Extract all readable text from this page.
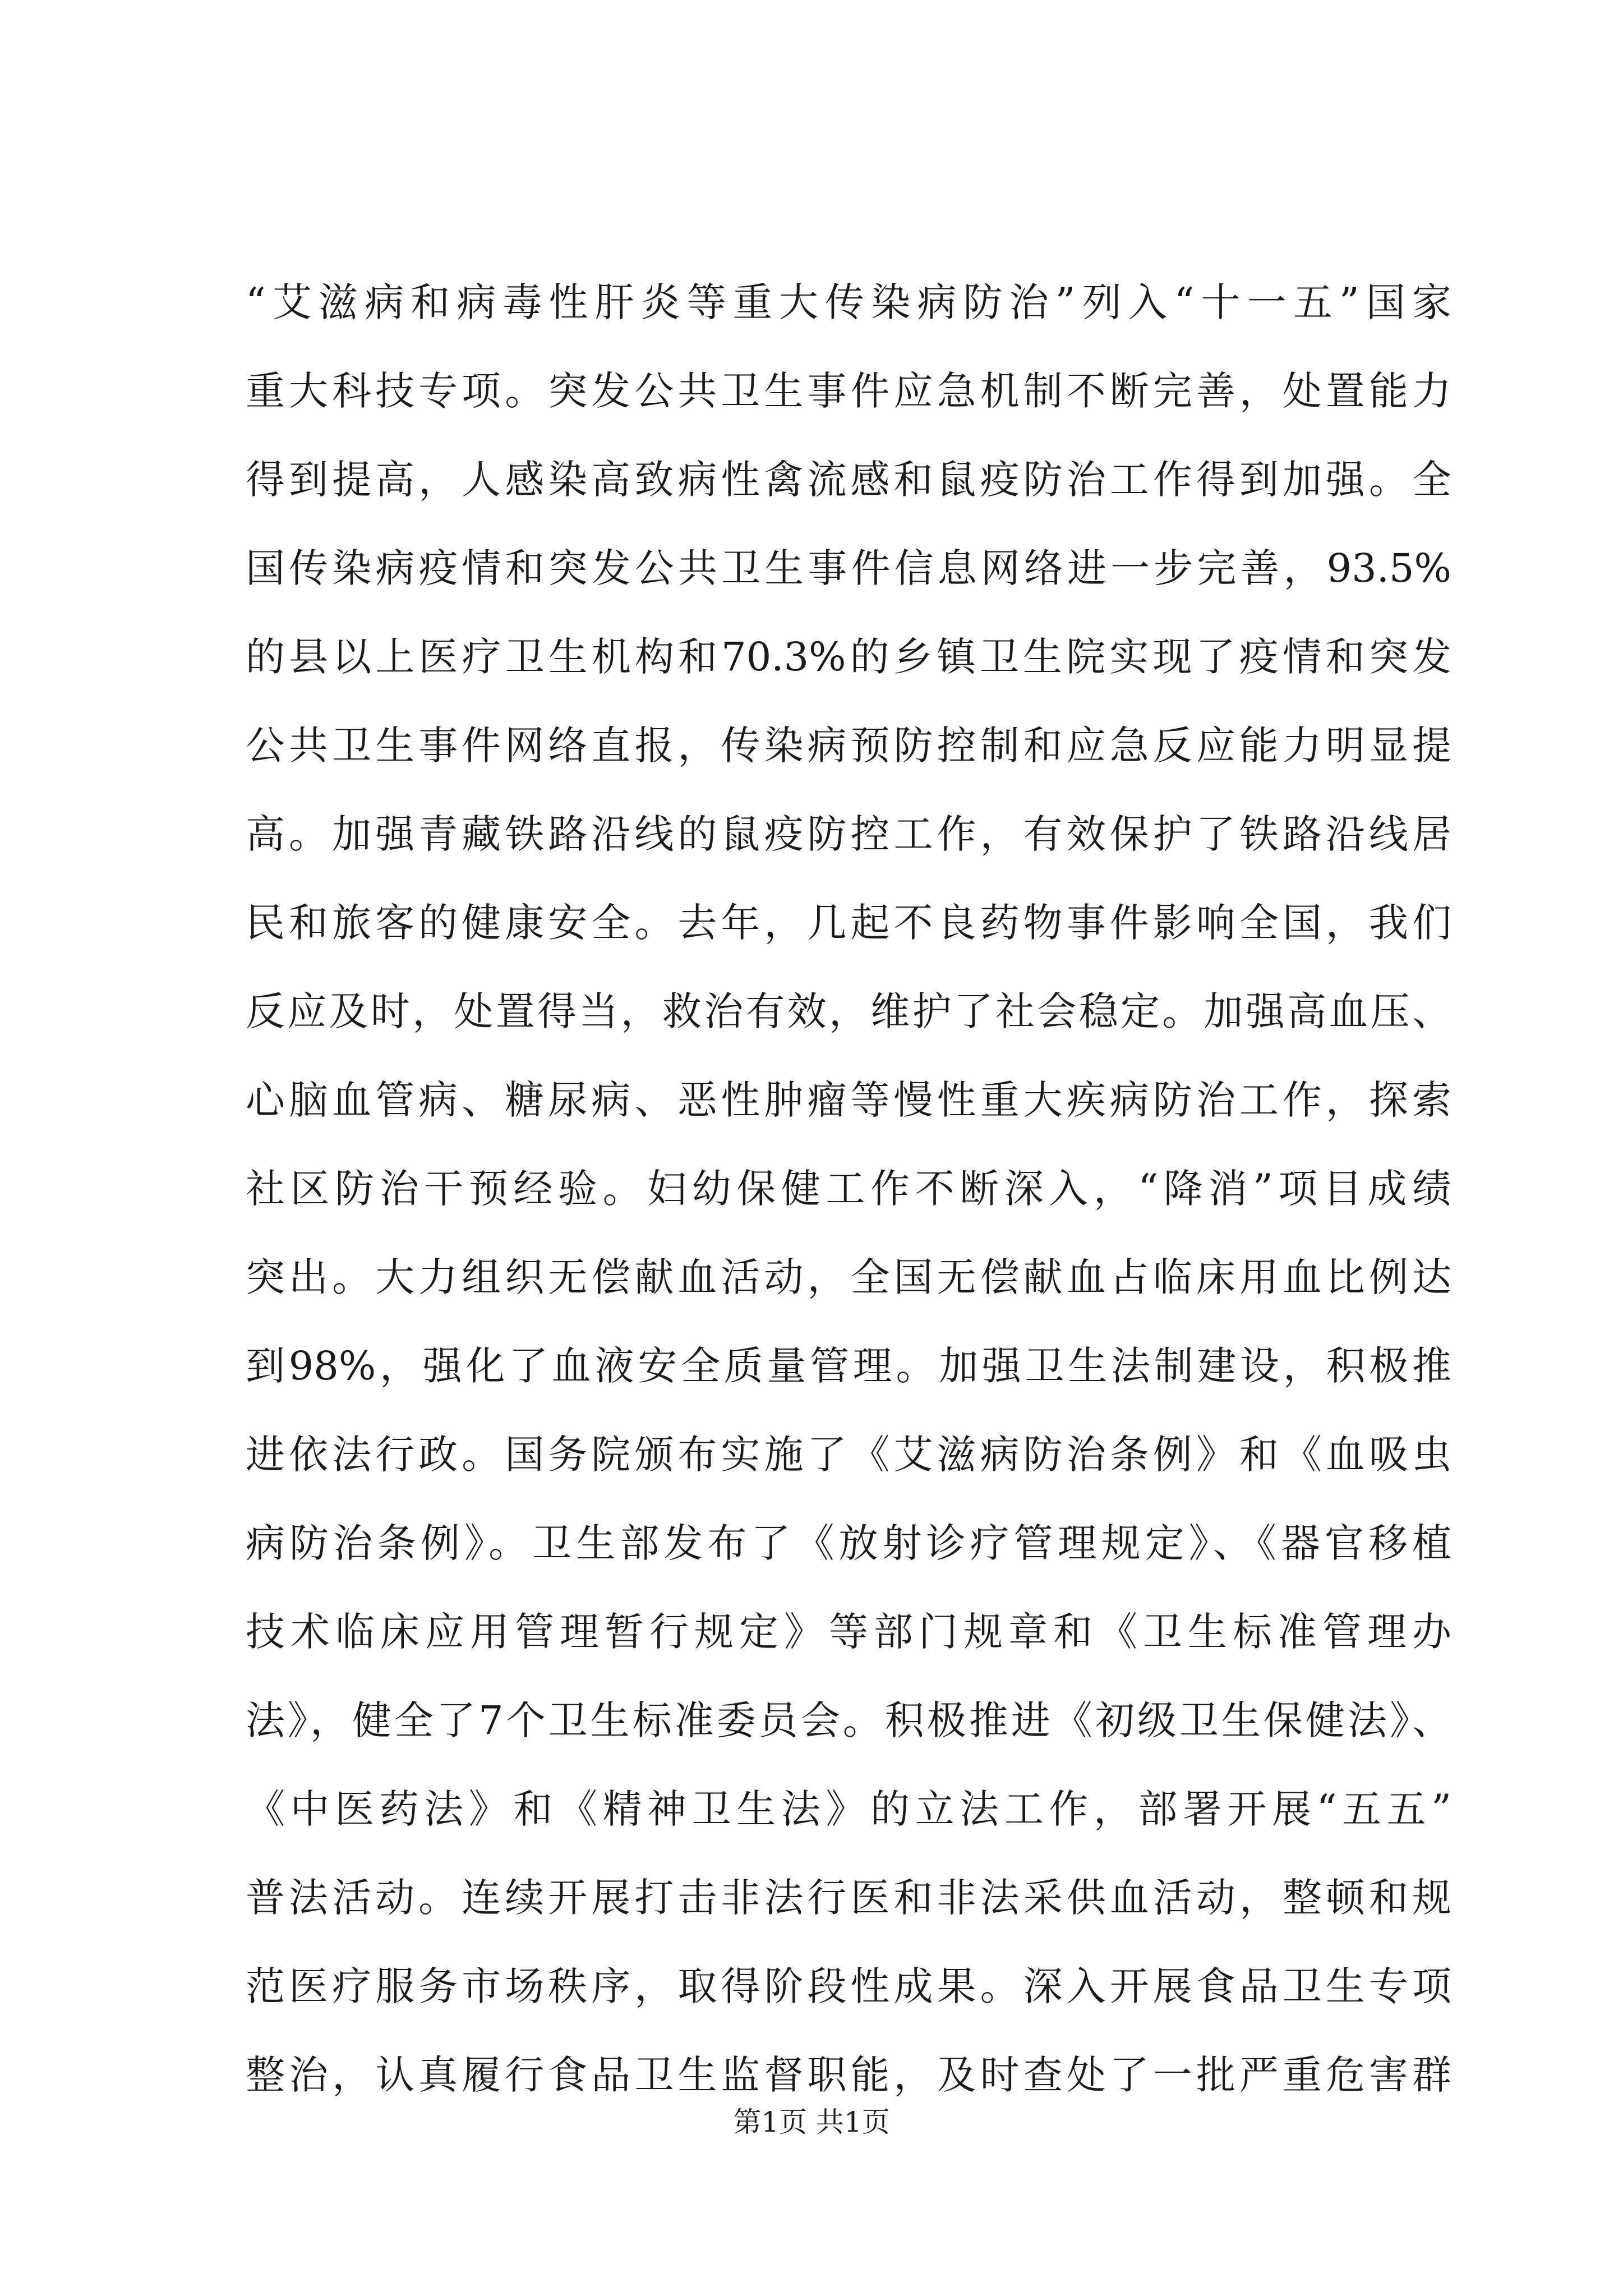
“艾滋病和病毒性肝炎等重大传染病防治”列入“十一五”国家
重大科技专项。突发公共卫生事件应急机制不断完善，处置能力
得到提高，人感染高致病性禽流感和鼠疫防治工作得到加强。全
国传染病疫情和突发公共卫生事件信息网络进一步完善，93.5%
的县以上医疗卫生机构和70.3%的乡镇卫生院实现了疫情和突发
公共卫生事件网络直报，传染病预防控制和应急反应能力明显提
高。加强青藏铁路沿线的鼠疫防控工作，有效保护了铁路沿线居
民和旅客的健康安全。去年，几起不良药物事件影响全国，我们
反应及时，处置得当，救治有效，维护了社会稳定。加强高血压、
心脑血管病、糖尿病、恶性肿瘤等慢性重大疾病防治工作，探索
社区防治干预经验。妇幼保健工作不断深入，“降消”项目成绩
突出。大力组织无偿献血活动，全国无偿献血占临床用血比例达
到98%，强化了血液安全质量管理。加强卫生法制建设，积极推
进依法行政。国务院颁布实施了《艾滋病防治条例》和《血吸虫
病防治条例》。卫生部发布了《放射诊疗管理规定》、《器官移植
技术临床应用管理暂行规定》等部门规章和《卫生标准管理办
法》，健全了7个卫生标准委员会。积极推进《初级卫生保健法》、
《中医药法》和《精神卫生法》的立法工作，部署开展“五五”
普法活动。连续开展打击非法行医和非法采供血活动，整顿和规
范医疗服务市场秩序，取得阶段性成果。深入开展食品卫生专项
整治，认真履行食品卫生监督职能，及时查处了一批严重危害群
第1页 共1页
